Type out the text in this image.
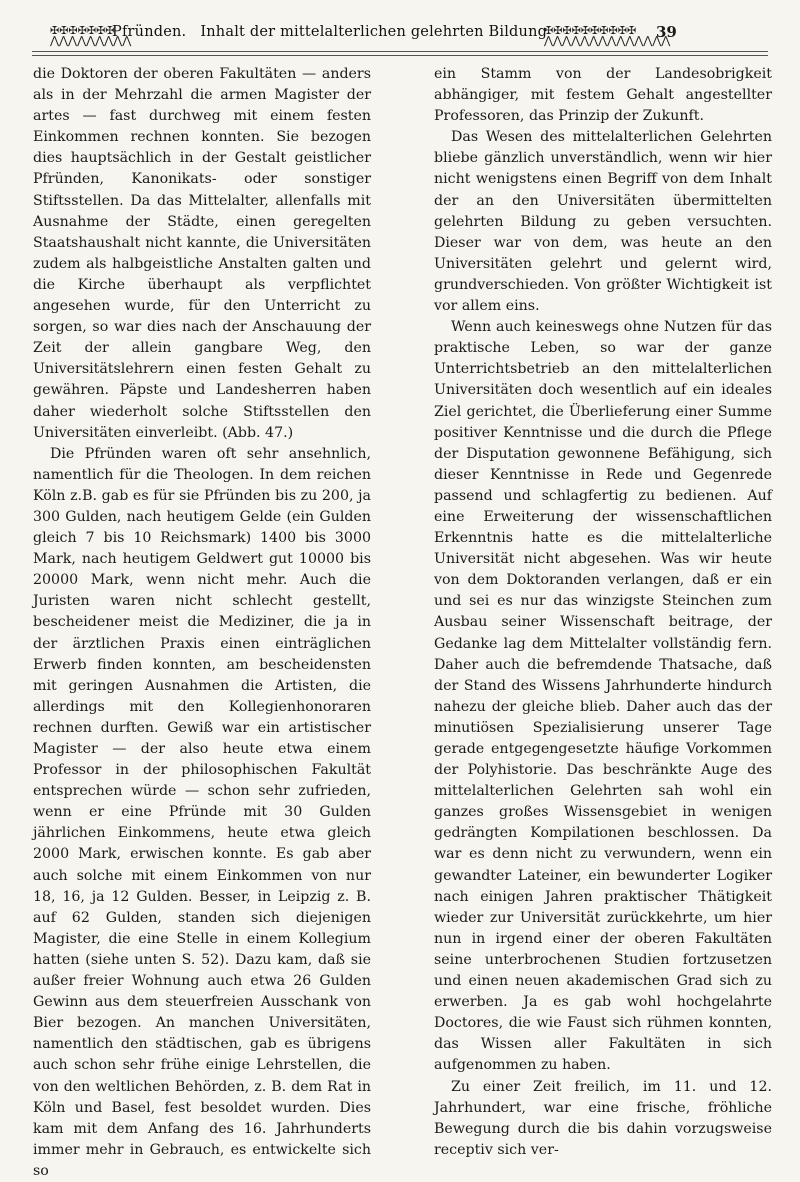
✠✠✠✠✠✠✠
⋀⋀⋀⋀⋀⋀⋀⋀⋀
Pfründen. Inhalt der mittelalterlichen gelehrten Bildung
✠✠✠✠✠✠✠✠✠✠
⋀⋀⋀⋀⋀⋀⋀⋀⋀⋀⋀⋀⋀⋀
39

die Doktoren der oberen Fakultäten — anders als in der Mehrzahl die armen Magister der artes — fast durchweg mit einem festen Einkommen rechnen konnten. Sie bezogen dies hauptsächlich in der Gestalt geistlicher Pfründen, Kanonikats- oder sonstiger Stiftsstellen. Da das Mittelalter, allenfalls mit Ausnahme der Städte, einen geregelten Staatshaushalt nicht kannte, die Universitäten zudem als halbgeistliche Anstalten galten und die Kirche überhaupt als verpflichtet angesehen wurde, für den Unterricht zu sorgen, so war dies nach der Anschauung der Zeit der allein gangbare Weg, den Universitätslehrern einen festen Gehalt zu gewähren. Päpste und Landesherren haben daher wiederholt solche Stiftsstellen den Universitäten einverleibt. (Abb. 47.)

Die Pfründen waren oft sehr ansehnlich, namentlich für die Theologen. In dem reichen Köln z.B. gab es für sie Pfründen bis zu 200, ja 300 Gulden, nach heutigem Gelde (ein Gulden gleich 7 bis 10 Reichsmark) 1400 bis 3000 Mark, nach heutigem Geldwert gut 10000 bis 20000 Mark, wenn nicht mehr. Auch die Juristen waren nicht schlecht gestellt, bescheidener meist die Mediziner, die ja in der ärztlichen Praxis einen einträglichen Erwerb finden konnten, am bescheidensten mit geringen Ausnahmen die Artisten, die allerdings mit den Kollegienhonoraren rechnen durften. Gewiß war ein artistischer Magister — der also heute etwa einem Professor in der philosophischen Fakultät entsprechen würde — schon sehr zufrieden, wenn er eine Pfründe mit 30 Gulden jährlichen Einkommens, heute etwa gleich 2000 Mark, erwischen konnte. Es gab aber auch solche mit einem Einkommen von nur 18, 16, ja 12 Gulden. Besser, in Leipzig z. B. auf 62 Gulden, standen sich diejenigen Magister, die eine Stelle in einem Kollegium hatten (siehe unten S. 52). Dazu kam, daß sie außer freier Wohnung auch etwa 26 Gulden Gewinn aus dem steuerfreien Ausschank von Bier bezogen. An manchen Universitäten, namentlich den städtischen, gab es übrigens auch schon sehr frühe einige Lehrstellen, die von den weltlichen Behörden, z. B. dem Rat in Köln und Basel, fest besoldet wurden. Dies kam mit dem Anfang des 16. Jahrhunderts immer mehr in Gebrauch, es entwickelte sich so

ein Stamm von der Landesobrigkeit abhängiger, mit festem Gehalt angestellter Professoren, das Prinzip der Zukunft.

Das Wesen des mittelalterlichen Gelehrten bliebe gänzlich unverständlich, wenn wir hier nicht wenigstens einen Begriff von dem Inhalt der an den Universitäten übermittelten gelehrten Bildung zu geben versuchten. Dieser war von dem, was heute an den Universitäten gelehrt und gelernt wird, grundverschieden. Von größter Wichtigkeit ist vor allem eins.

Wenn auch keineswegs ohne Nutzen für das praktische Leben, so war der ganze Unterrichtsbetrieb an den mittelalterlichen Universitäten doch wesentlich auf ein ideales Ziel gerichtet, die Überlieferung einer Summe positiver Kenntnisse und die durch die Pflege der Disputation gewonnene Befähigung, sich dieser Kenntnisse in Rede und Gegenrede passend und schlagfertig zu bedienen. Auf eine Erweiterung der wissenschaftlichen Erkenntnis hatte es die mittelalterliche Universität nicht abgesehen. Was wir heute von dem Doktoranden verlangen, daß er ein und sei es nur das winzigste Steinchen zum Ausbau seiner Wissenschaft beitrage, der Gedanke lag dem Mittelalter vollständig fern. Daher auch die befremdende Thatsache, daß der Stand des Wissens Jahrhunderte hindurch nahezu der gleiche blieb. Daher auch das der minutiösen Spezialisierung unserer Tage gerade entgegengesetzte häufige Vorkommen der Polyhistorie. Das beschränkte Auge des mittelalterlichen Gelehrten sah wohl ein ganzes großes Wissensgebiet in wenigen gedrängten Kompilationen beschlossen. Da war es denn nicht zu verwundern, wenn ein gewandter Lateiner, ein bewunderter Logiker nach einigen Jahren praktischer Thätigkeit wieder zur Universität zurückkehrte, um hier nun in irgend einer der oberen Fakultäten seine unterbrochenen Studien fortzusetzen und einen neuen akademischen Grad sich zu erwerben. Ja es gab wohl hochgelahrte Doctores, die wie Faust sich rühmen konnten, das Wissen aller Fakultäten in sich aufgenommen zu haben.

Zu einer Zeit freilich, im 11. und 12. Jahrhundert, war eine frische, fröhliche Bewegung durch die bis dahin vorzugsweise receptiv sich ver-
